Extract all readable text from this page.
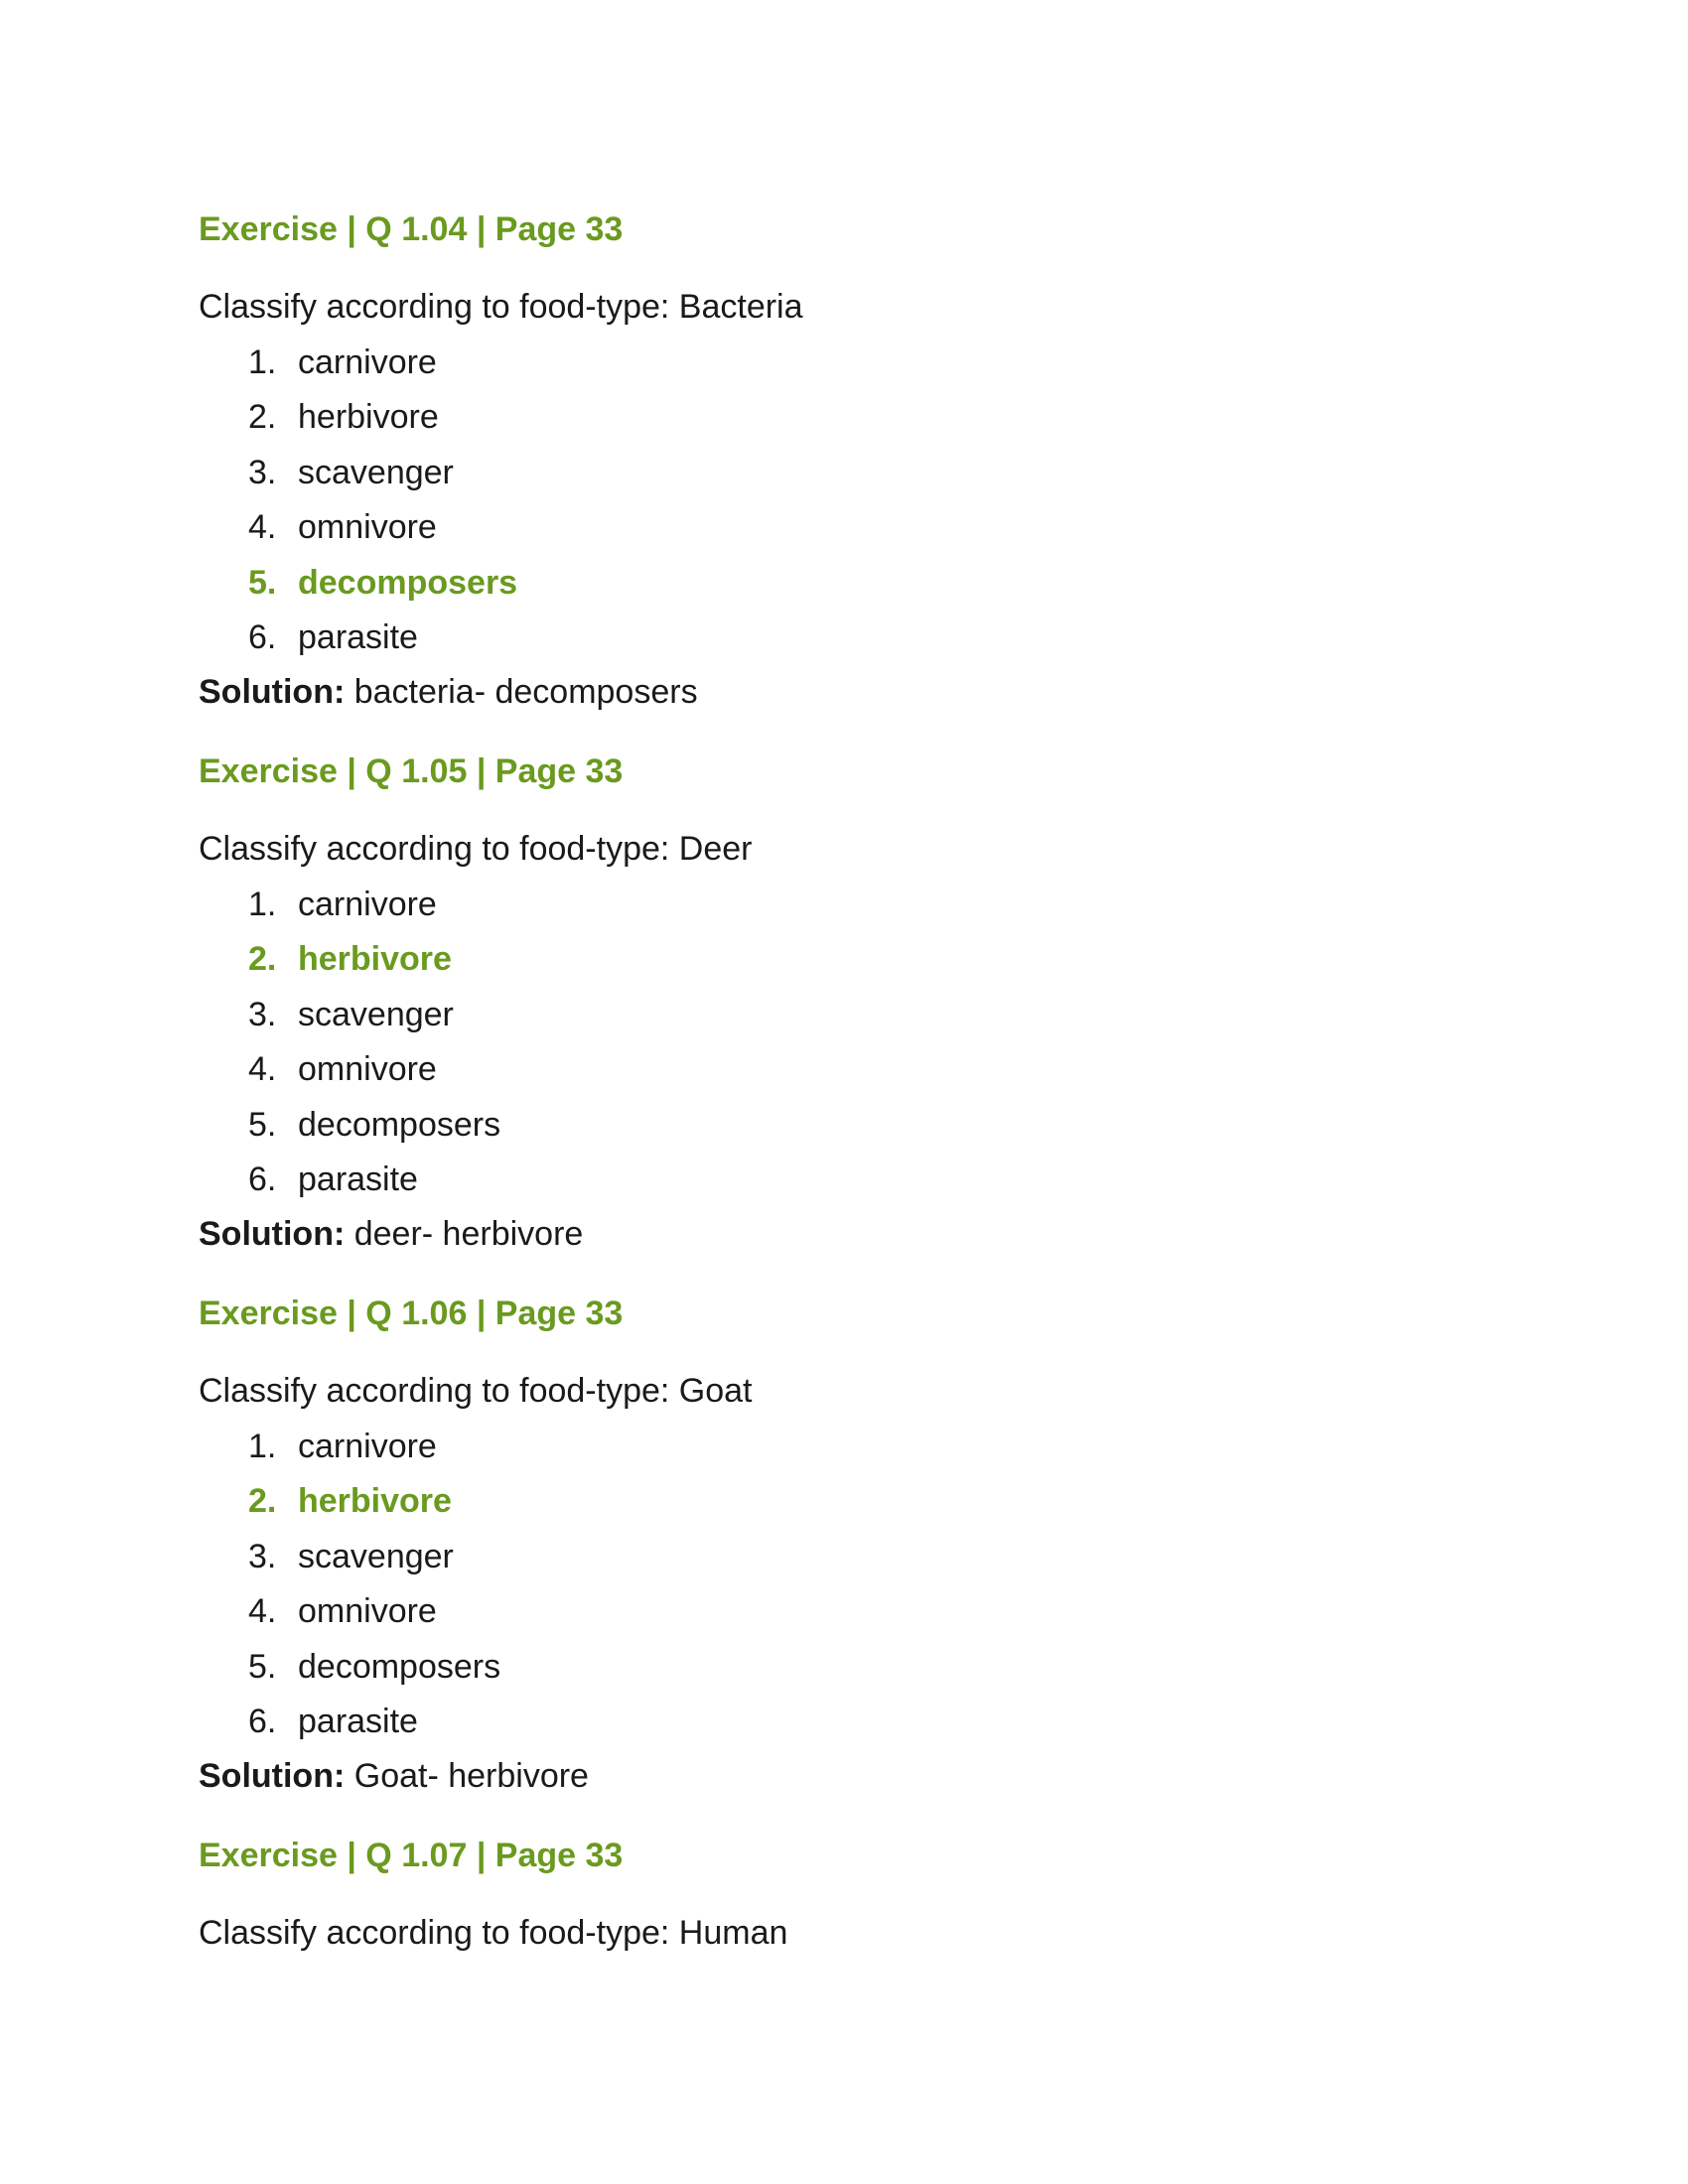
Exercise | Q 1.04 | Page 33
Classify according to food-type: Bacteria
1. carnivore
2. herbivore
3. scavenger
4. omnivore
5. decomposers
6. parasite
Solution: bacteria- decomposers
Exercise | Q 1.05 | Page 33
Classify according to food-type: Deer
1. carnivore
2. herbivore
3. scavenger
4. omnivore
5. decomposers
6. parasite
Solution: deer- herbivore
Exercise | Q 1.06 | Page 33
Classify according to food-type: Goat
1. carnivore
2. herbivore
3. scavenger
4. omnivore
5. decomposers
6. parasite
Solution: Goat- herbivore
Exercise | Q 1.07 | Page 33
Classify according to food-type: Human
